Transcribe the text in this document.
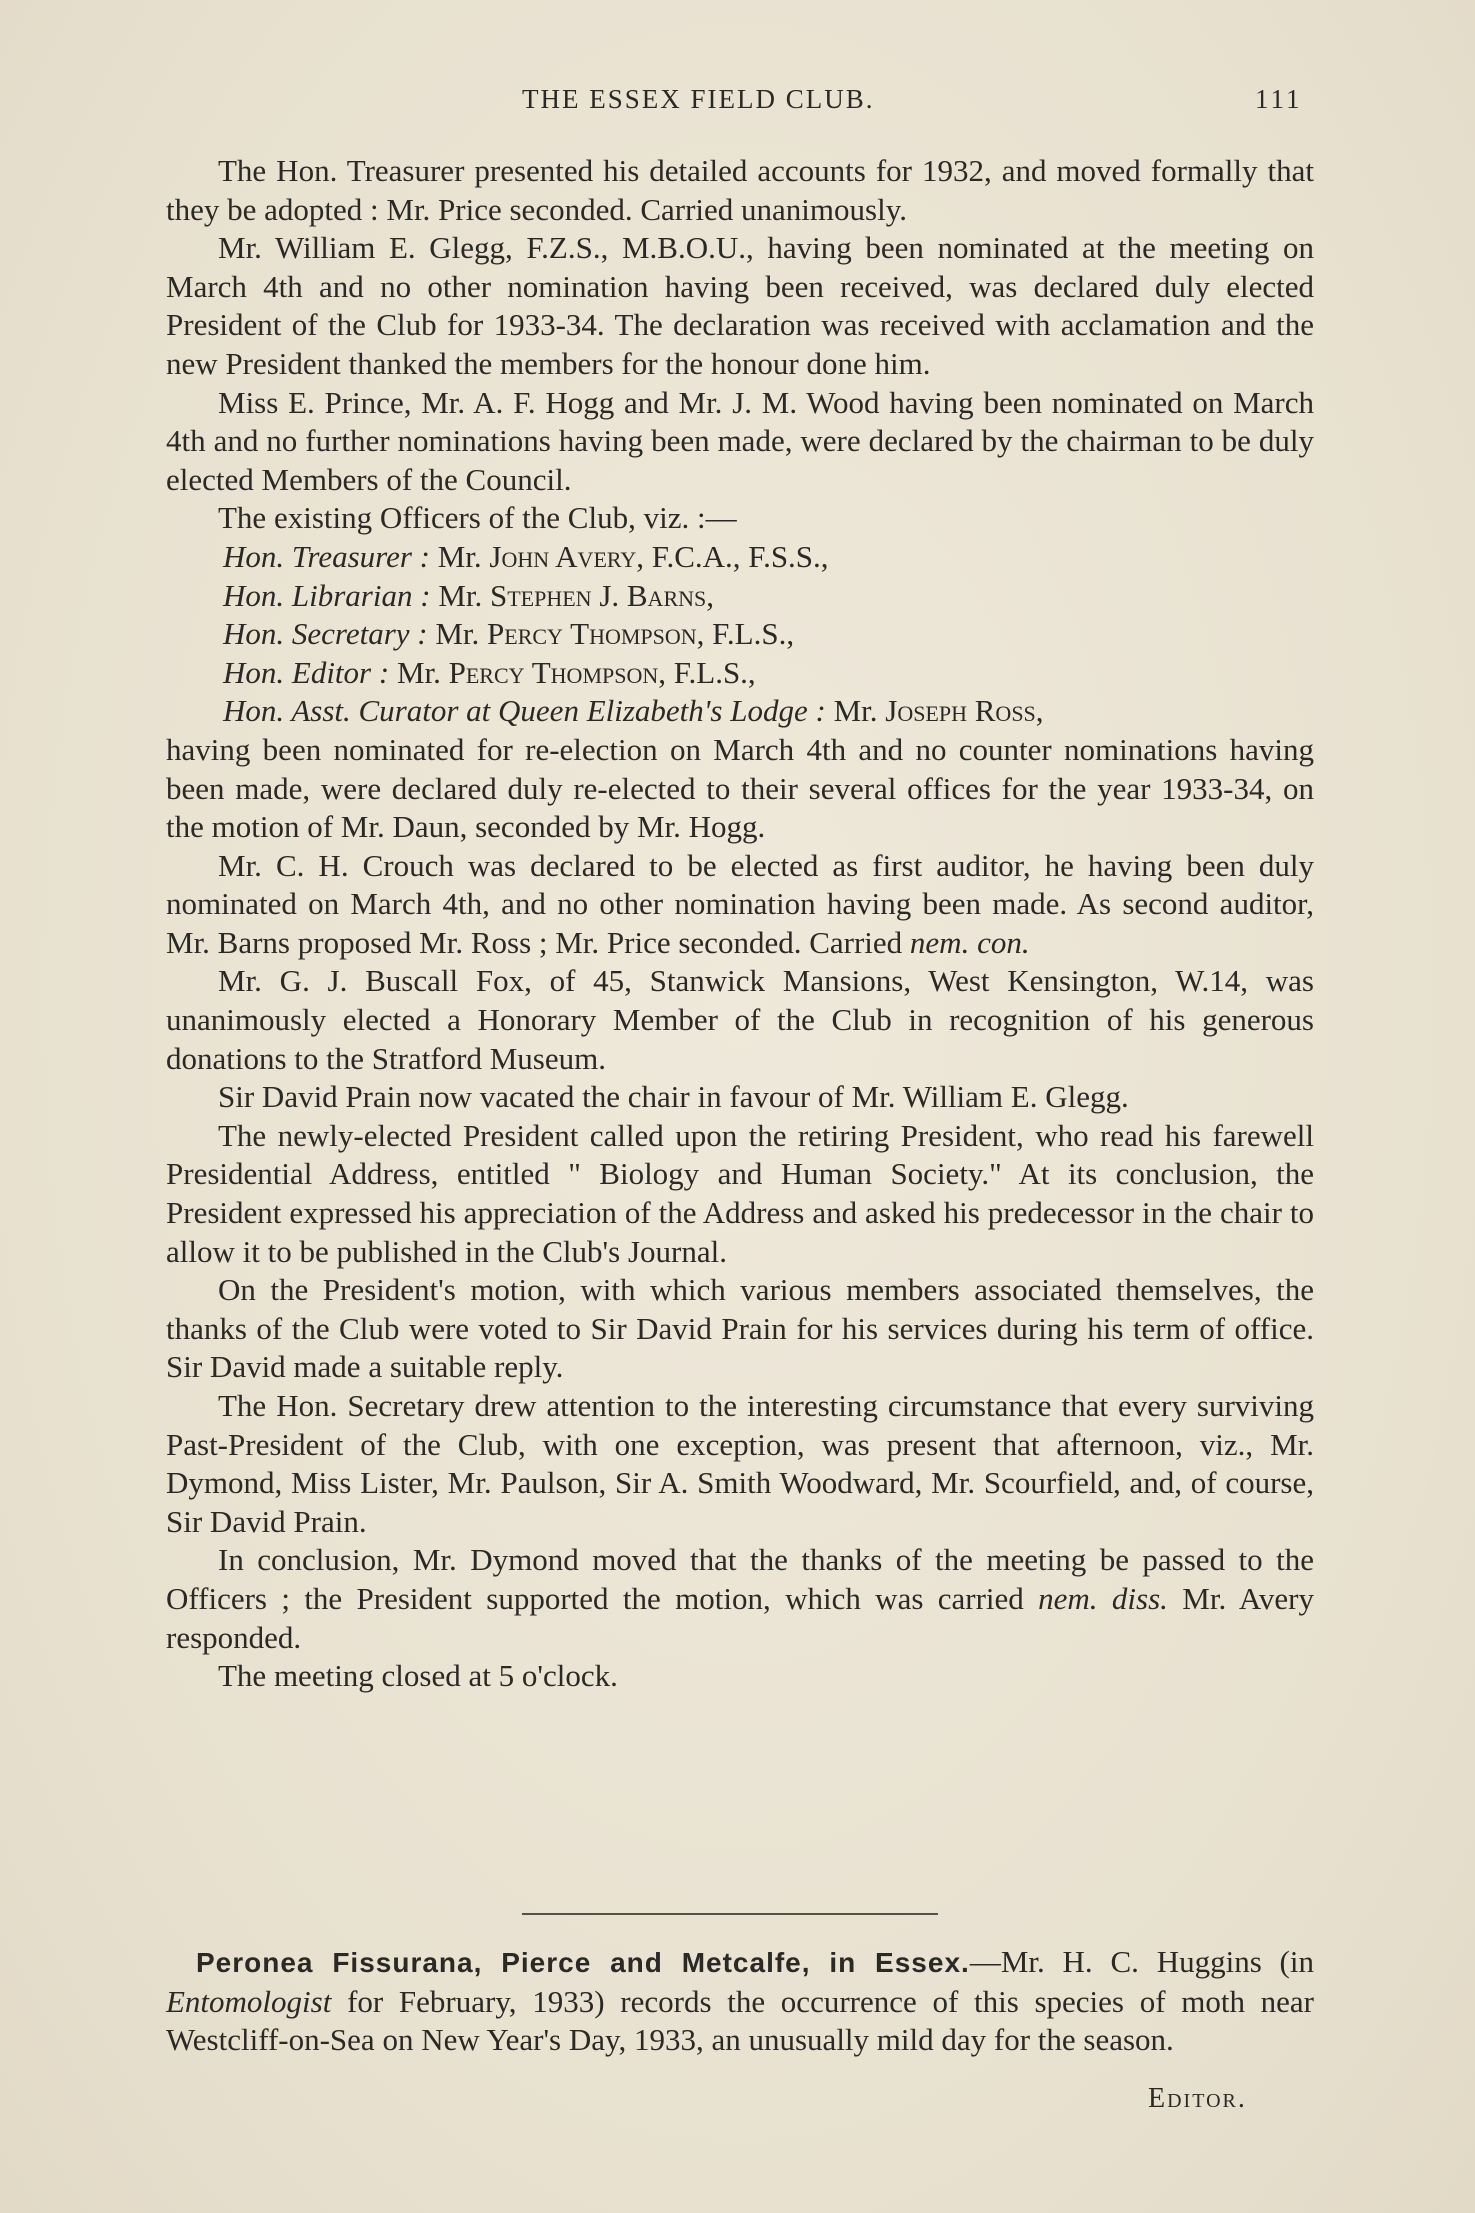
THE ESSEX FIELD CLUB.	111

The Hon. Treasurer presented his detailed accounts for 1932, and moved formally that they be adopted : Mr. Price seconded. Carried unanimously.

Mr. William E. Glegg, F.Z.S., M.B.O.U., having been nominated at the meeting on March 4th and no other nomination having been received, was declared duly elected President of the Club for 1933-34. The declaration was received with acclamation and the new President thanked the members for the honour done him.

Miss E. Prince, Mr. A. F. Hogg and Mr. J. M. Wood having been nominated on March 4th and no further nominations having been made, were declared by the chairman to be duly elected Members of the Council.

The existing Officers of the Club, viz. :—

Hon. Treasurer : Mr. John Avery, F.C.A., F.S.S.,

Hon. Librarian : Mr. Stephen J. Barns,

Hon. Secretary : Mr. Percy Thompson, F.L.S.,

Hon. Editor : Mr. Percy Thompson, F.L.S.,

Hon. Asst. Curator at Queen Elizabeth's Lodge : Mr. Joseph Ross,

having been nominated for re-election on March 4th and no counter nominations having been made, were declared duly re-elected to their several offices for the year 1933-34, on the motion of Mr. Daun, seconded by Mr. Hogg.

Mr. C. H. Crouch was declared to be elected as first auditor, he having been duly nominated on March 4th, and no other nomination having been made. As second auditor, Mr. Barns proposed Mr. Ross ; Mr. Price seconded. Carried nem. con.

Mr. G. J. Buscall Fox, of 45, Stanwick Mansions, West Kensington, W.14, was unanimously elected a Honorary Member of the Club in recognition of his generous donations to the Stratford Museum.

Sir David Prain now vacated the chair in favour of Mr. William E. Glegg.

The newly-elected President called upon the retiring President, who read his farewell Presidential Address, entitled " Biology and Human Society." At its conclusion, the President expressed his appreciation of the Address and asked his predecessor in the chair to allow it to be published in the Club's Journal.

On the President's motion, with which various members associated themselves, the thanks of the Club were voted to Sir David Prain for his services during his term of office. Sir David made a suitable reply.

The Hon. Secretary drew attention to the interesting circumstance that every surviving Past-President of the Club, with one exception, was present that afternoon, viz., Mr. Dymond, Miss Lister, Mr. Paulson, Sir A. Smith Woodward, Mr. Scourfield, and, of course, Sir David Prain.

In conclusion, Mr. Dymond moved that the thanks of the meeting be passed to the Officers ; the President supported the motion, which was carried nem. diss. Mr. Avery responded.

The meeting closed at 5 o'clock.

Peronea Fissurana, Pierce and Metcalfe, in Essex.—Mr. H. C. Huggins (in Entomologist for February, 1933) records the occurrence of this species of moth near Westcliff-on-Sea on New Year's Day, 1933, an unusually mild day for the season.

Editor.
